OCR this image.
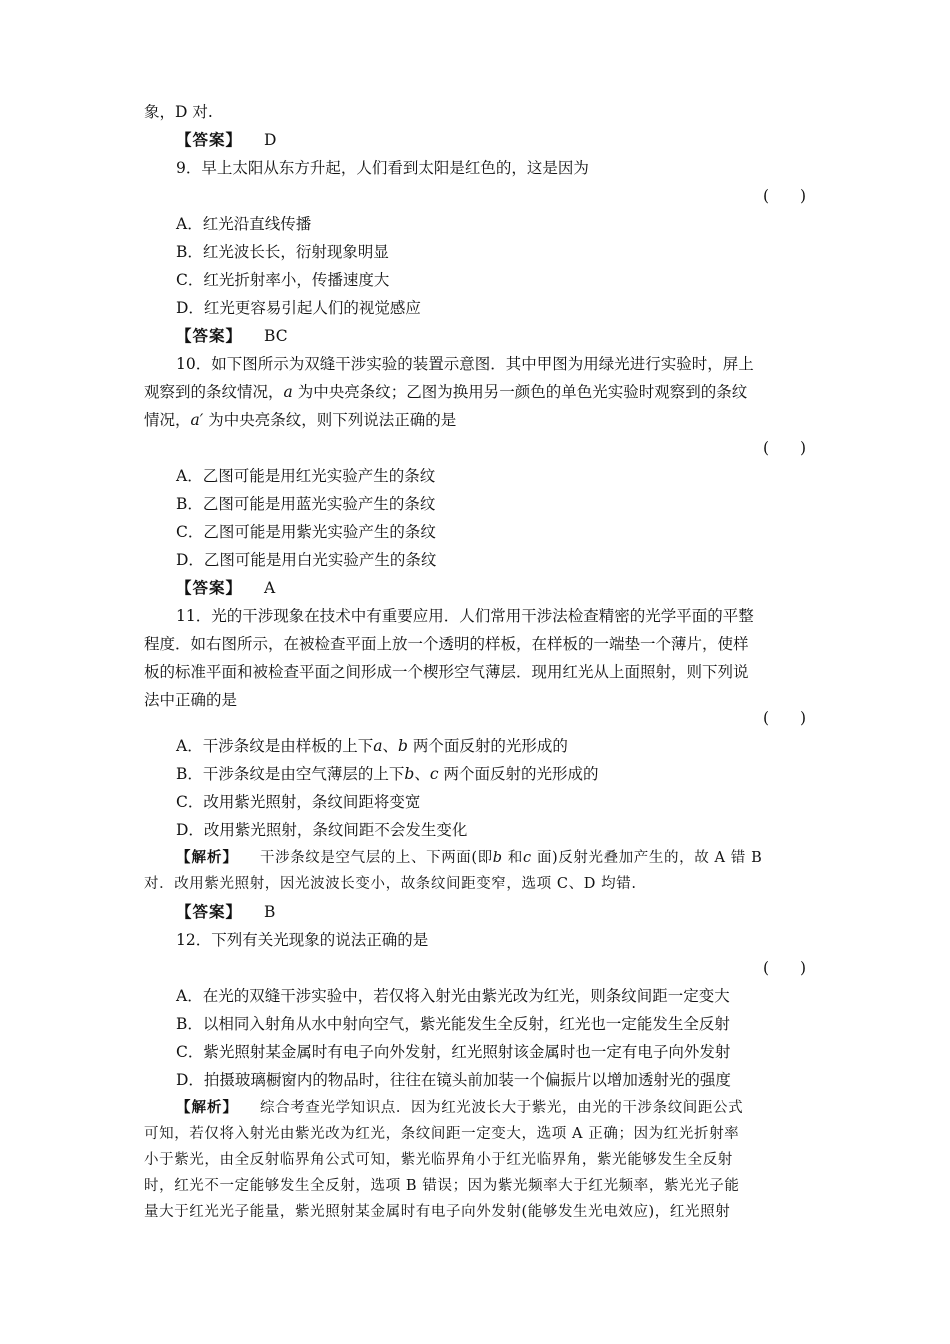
象，D 对.
【答案】 D
9．早上太阳从东方升起，人们看到太阳是红色的，这是因为
(　　)
A．红光沿直线传播
B．红光波长长，衍射现象明显
C．红光折射率小，传播速度大
D．红光更容易引起人们的视觉感应
【答案】 BC
10．如下图所示为双缝干涉实验的装置示意图．其中甲图为用绿光进行实验时，屏上
观察到的条纹情况，a 为中央亮条纹；乙图为换用另一颜色的单色光实验时观察到的条纹
情况，a′ 为中央亮条纹，则下列说法正确的是
(　　)
A．乙图可能是用红光实验产生的条纹
B．乙图可能是用蓝光实验产生的条纹
C．乙图可能是用紫光实验产生的条纹
D．乙图可能是用白光实验产生的条纹
【答案】 A
11．光的干涉现象在技术中有重要应用．人们常用干涉法检查精密的光学平面的平整
程度．如右图所示，在被检查平面上放一个透明的样板，在样板的一端垫一个薄片，使样
板的标准平面和被检查平面之间形成一个楔形空气薄层．现用红光从上面照射，则下列说
法中正确的是
(　　)
A．干涉条纹是由样板的上下a、b 两个面反射的光形成的
B．干涉条纹是由空气薄层的上下b、c 两个面反射的光形成的
C．改用紫光照射，条纹间距将变宽
D．改用紫光照射，条纹间距不会发生变化
【解析】 干涉条纹是空气层的上、下两面(即b 和c 面)反射光叠加产生的，故 A 错 B
对．改用紫光照射，因光波波长变小，故条纹间距变窄，选项 C、D 均错.
【答案】 B
12．下列有关光现象的说法正确的是
(　　)
A．在光的双缝干涉实验中，若仅将入射光由紫光改为红光，则条纹间距一定变大
B．以相同入射角从水中射向空气，紫光能发生全反射，红光也一定能发生全反射
C．紫光照射某金属时有电子向外发射，红光照射该金属时也一定有电子向外发射
D．拍摄玻璃橱窗内的物品时，往往在镜头前加装一个偏振片以增加透射光的强度
【解析】 综合考查光学知识点．因为红光波长大于紫光，由光的干涉条纹间距公式
可知，若仅将入射光由紫光改为红光，条纹间距一定变大，选项 A 正确；因为红光折射率
小于紫光，由全反射临界角公式可知，紫光临界角小于红光临界角，紫光能够发生全反射
时，红光不一定能够发生全反射，选项 B 错误；因为紫光频率大于红光频率，紫光光子能
量大于红光光子能量，紫光照射某金属时有电子向外发射(能够发生光电效应)，红光照射
